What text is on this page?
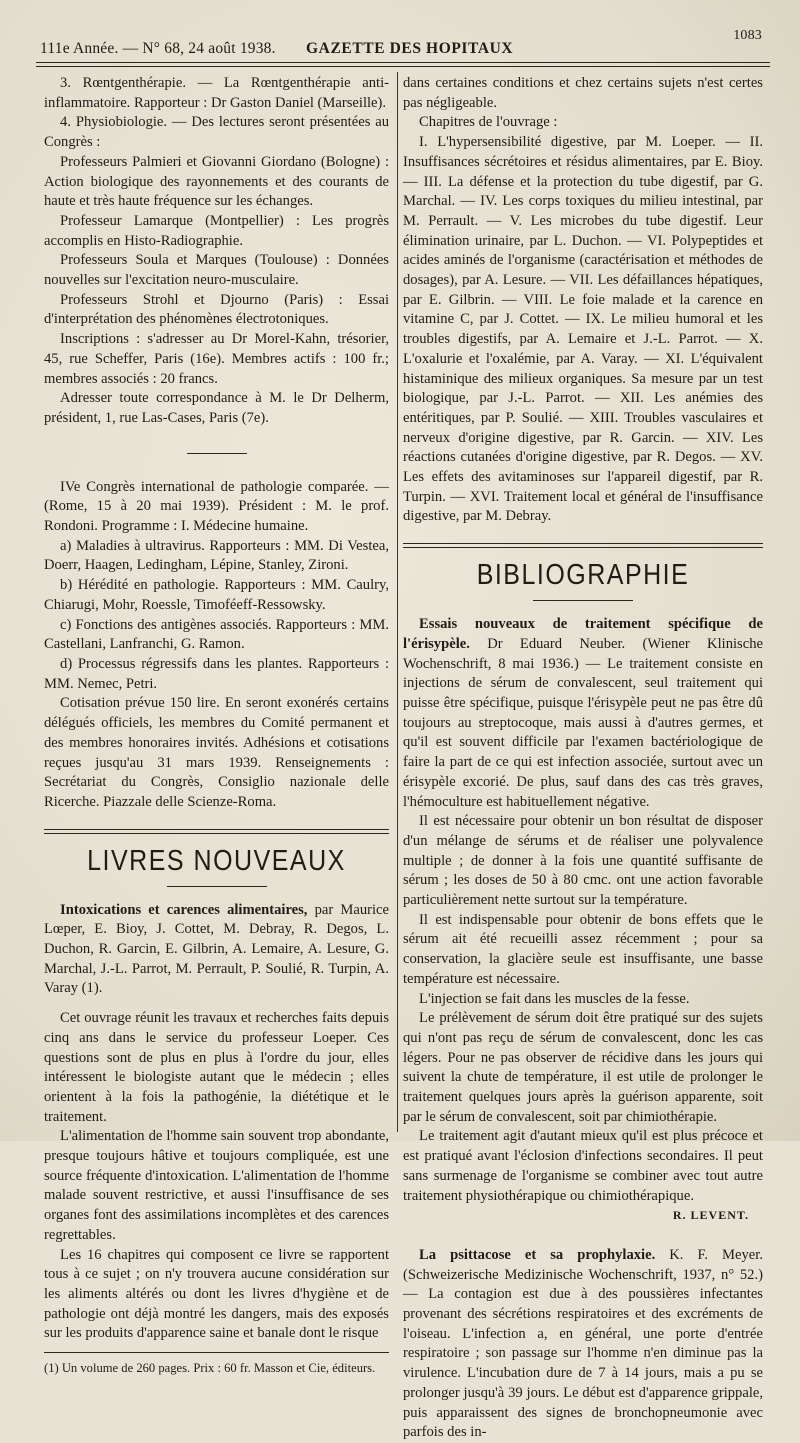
111e Année. — N° 68, 24 août 1938. GAZETTE DES HOPITAUX
1083

3. Rœntgenthérapie. — La Rœntgenthérapie anti-inflammatoire. Rapporteur : Dr Gaston Daniel (Marseille).

4. Physiobiologie. — Des lectures seront présentées au Congrès :

Professeurs Palmieri et Giovanni Giordano (Bologne) : Action biologique des rayonnements et des courants de haute et très haute fréquence sur les échanges.

Professeur Lamarque (Montpellier) : Les progrès accomplis en Histo-Radiographie.

Professeurs Soula et Marques (Toulouse) : Données nouvelles sur l'excitation neuro-musculaire.

Professeurs Strohl et Djourno (Paris) : Essai d'interprétation des phénomènes électrotoniques.

Inscriptions : s'adresser au Dr Morel-Kahn, trésorier, 45, rue Scheffer, Paris (16e). Membres actifs : 100 fr.; membres associés : 20 francs.

Adresser toute correspondance à M. le Dr Delherm, président, 1, rue Las-Cases, Paris (7e).

IVe Congrès international de pathologie comparée. — (Rome, 15 à 20 mai 1939). Président : M. le prof. Rondoni. Programme : I. Médecine humaine.

a) Maladies à ultravirus. Rapporteurs : MM. Di Vestea, Doerr, Haagen, Ledingham, Lépine, Stanley, Zironi.

b) Hérédité en pathologie. Rapporteurs : MM. Caulry, Chiarugi, Mohr, Roessle, Timoféeff-Ressowsky.

c) Fonctions des antigènes associés. Rapporteurs : MM. Castellani, Lanfranchi, G. Ramon.

d) Processus régressifs dans les plantes. Rapporteurs : MM. Nemec, Petri.

Cotisation prévue 150 lire. En seront exonérés certains délégués officiels, les membres du Comité permanent et des membres honoraires invités. Adhésions et cotisations reçues jusqu'au 31 mars 1939. Renseignements : Secrétariat du Congrès, Consiglio nazionale delle Ricerche. Piazzale delle Scienze-Roma.

LIVRES NOUVEAUX

Intoxications et carences alimentaires, par Maurice Lœper, E. Bioy, J. Cottet, M. Debray, R. Degos, L. Duchon, R. Garcin, E. Gilbrin, A. Lemaire, A. Lesure, G. Marchal, J.-L. Parrot, M. Perrault, P. Soulié, R. Turpin, A. Varay (1).

Cet ouvrage réunit les travaux et recherches faits depuis cinq ans dans le service du professeur Loeper. Ces questions sont de plus en plus à l'ordre du jour, elles intéressent le biologiste autant que le médecin ; elles orientent à la fois la pathogénie, la diététique et le traitement.

L'alimentation de l'homme sain souvent trop abondante, presque toujours hâtive et toujours compliquée, est une source fréquente d'intoxication. L'alimentation de l'homme malade souvent restrictive, et aussi l'insuffisance de ses organes font des assimilations incomplètes et des carences regrettables.

Les 16 chapitres qui composent ce livre se rapportent tous à ce sujet ; on n'y trouvera aucune considération sur les aliments altérés ou dont les livres d'hygiène et de pathologie ont déjà montré les dangers, mais des exposés sur les produits d'apparence saine et banale dont le risque

(1) Un volume de 260 pages. Prix : 60 fr. Masson et Cie, éditeurs.

dans certaines conditions et chez certains sujets n'est certes pas négligeable.

Chapitres de l'ouvrage :

I. L'hypersensibilité digestive, par M. Loeper. — II. Insuffisances sécrétoires et résidus alimentaires, par E. Bioy. — III. La défense et la protection du tube digestif, par G. Marchal. — IV. Les corps toxiques du milieu intestinal, par M. Perrault. — V. Les microbes du tube digestif. Leur élimination urinaire, par L. Duchon. — VI. Polypeptides et acides aminés de l'organisme (caractérisation et méthodes de dosages), par A. Lesure. — VII. Les défaillances hépatiques, par E. Gilbrin. — VIII. Le foie malade et la carence en vitamine C, par J. Cottet. — IX. Le milieu humoral et les troubles digestifs, par A. Lemaire et J.-L. Parrot. — X. L'oxalurie et l'oxalémie, par A. Varay. — XI. L'équivalent histaminique des milieux organiques. Sa mesure par un test biologique, par J.-L. Parrot. — XII. Les anémies des entéritiques, par P. Soulié. — XIII. Troubles vasculaires et nerveux d'origine digestive, par R. Garcin. — XIV. Les réactions cutanées d'origine digestive, par R. Degos. — XV. Les effets des avitaminoses sur l'appareil digestif, par R. Turpin. — XVI. Traitement local et général de l'insuffisance digestive, par M. Debray.

BIBLIOGRAPHIE

Essais nouveaux de traitement spécifique de l'érisypèle. Dr Eduard Neuber. (Wiener Klinische Wochenschrift, 8 mai 1936.) — Le traitement consiste en injections de sérum de convalescent, seul traitement qui puisse être spécifique, puisque l'érisypèle peut ne pas être dû toujours au streptocoque, mais aussi à d'autres germes, et qu'il est souvent difficile par l'examen bactériologique de faire la part de ce qui est infection associée, surtout avec un érisypèle excorié. De plus, sauf dans des cas très graves, l'hémoculture est habituellement négative.

Il est nécessaire pour obtenir un bon résultat de disposer d'un mélange de sérums et de réaliser une polyvalence multiple ; de donner à la fois une quantité suffisante de sérum ; les doses de 50 à 80 cmc. ont une action favorable particulièrement nette surtout sur la température.

Il est indispensable pour obtenir de bons effets que le sérum ait été recueilli assez récemment ; pour sa conservation, la glacière seule est insuffisante, une basse température est nécessaire.

L'injection se fait dans les muscles de la fesse.

Le prélèvement de sérum doit être pratiqué sur des sujets qui n'ont pas reçu de sérum de convalescent, donc les cas légers. Pour ne pas observer de récidive dans les jours qui suivent la chute de température, il est utile de prolonger le traitement quelques jours après la guérison apparente, soit par le sérum de convalescent, soit par chimiothérapie.

Le traitement agit d'autant mieux qu'il est plus précoce et est pratiqué avant l'éclosion d'infections secondaires. Il peut sans surmenage de l'organisme se combiner avec tout autre traitement physiothérapique ou chimiothérapique.

R. LEVENT.

La psittacose et sa prophylaxie. K. F. Meyer. (Schweizerische Medizinische Wochenschrift, 1937, n° 52.) — La contagion est due à des poussières infectantes provenant des sécrétions respiratoires et des excréments de l'oiseau. L'infection a, en général, une porte d'entrée respiratoire ; son passage sur l'homme n'en diminue pas la virulence. L'incubation dure de 7 à 14 jours, mais a pu se prolonger jusqu'à 39 jours. Le début est d'apparence grippale, puis apparaissent des signes de bronchopneumonie avec parfois des in-
